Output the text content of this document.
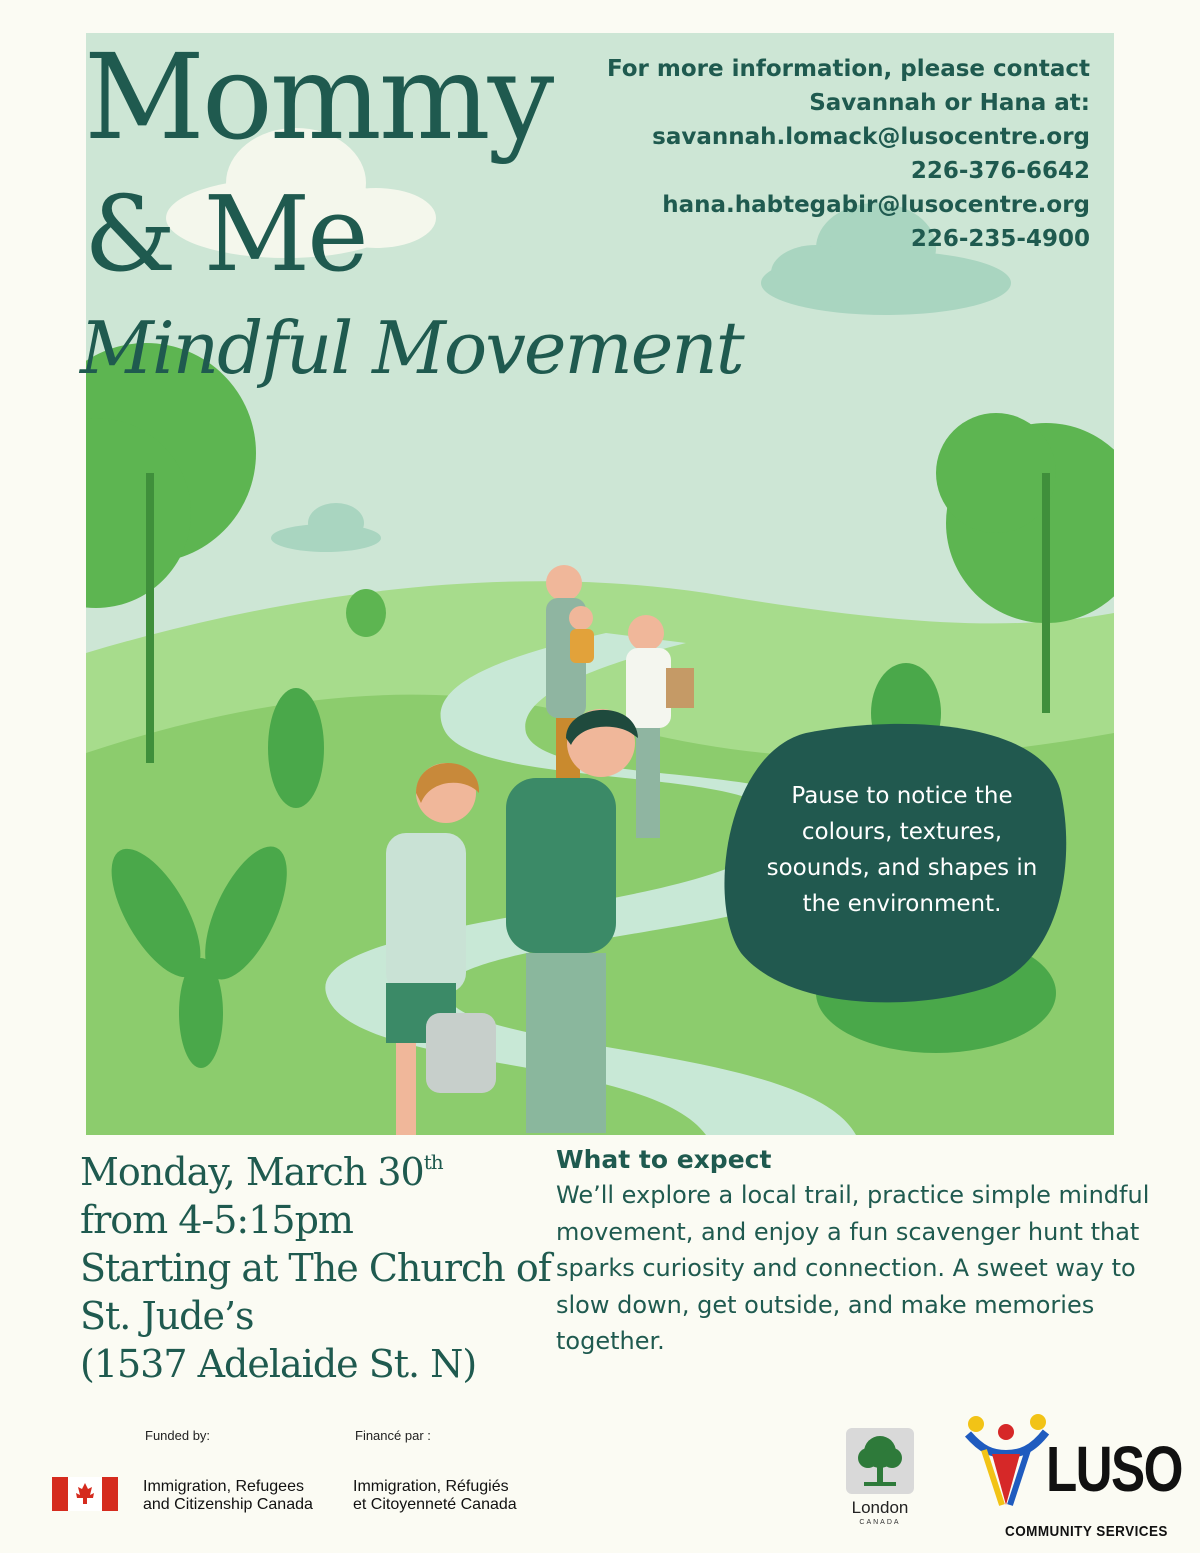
Mommy
& Me
Mindful Movement
For more information, please contact
Savannah or Hana at:
savannah.lomack@lusocentre.org
226-376-6642
hana.habtegabir@lusocentre.org
226-235-4900
Pause to notice the colours, textures, soounds, and shapes in the environment.
Monday, March 30th
from 4-5:15pm
Starting at The Church of
St. Jude’s
(1537 Adelaide St. N)
What to expect
We’ll explore a local trail, practice simple mindful movement, and enjoy a fun scavenger hunt that sparks curiosity and connection. A sweet way to slow down, get outside, and make memories together.
Funded by:	Financé par :
Immigration, Refugees
and Citizenship Canada
Immigration, Réfugiés
et Citoyenneté Canada	London
CANADA
LUSO
COMMUNITY SERVICES
